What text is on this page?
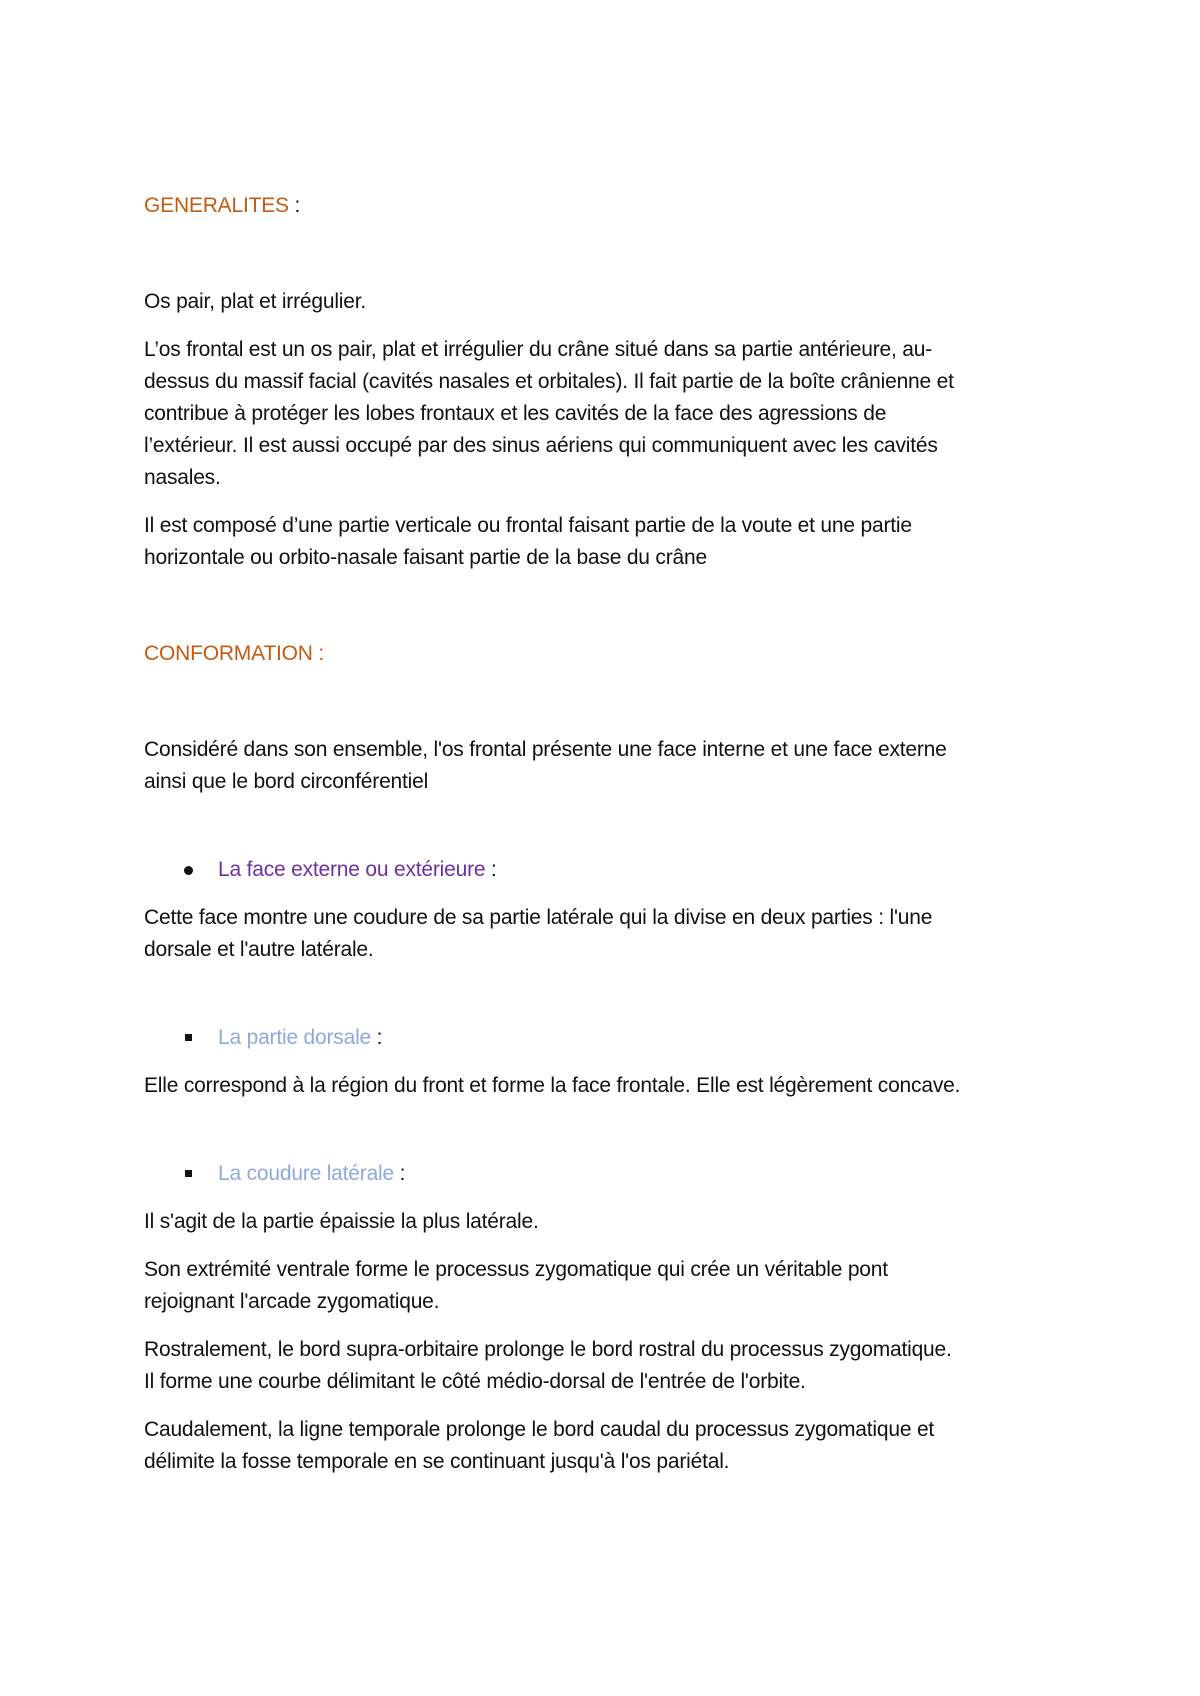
GENERALITES :

Os pair, plat et irrégulier.

L’os frontal est un os pair, plat et irrégulier du crâne situé dans sa partie antérieure, au-
dessus du massif facial (cavités nasales et orbitales). Il fait partie de la boîte crânienne et
contribue à protéger les lobes frontaux et les cavités de la face des agressions de
l’extérieur. Il est aussi occupé par des sinus aériens qui communiquent avec les cavités
nasales.

Il est composé d’une partie verticale ou frontal faisant partie de la voute et une partie
horizontale ou orbito-nasale faisant partie de la base du crâne

CONFORMATION :

Considéré dans son ensemble, l'os frontal présente une face interne et une face externe
ainsi que le bord circonférentiel

La face externe ou extérieure :

Cette face montre une coudure de sa partie latérale qui la divise en deux parties : l'une
dorsale et l'autre latérale.

La partie dorsale :

Elle correspond à la région du front et forme la face frontale. Elle est légèrement concave.

La coudure latérale :

Il s'agit de la partie épaissie la plus latérale.

Son extrémité ventrale forme le processus zygomatique qui crée un véritable pont
rejoignant l'arcade zygomatique.

Rostralement, le bord supra-orbitaire prolonge le bord rostral du processus zygomatique.
Il forme une courbe délimitant le côté médio-dorsal de l'entrée de l'orbite.

Caudalement, la ligne temporale prolonge le bord caudal du processus zygomatique et
délimite la fosse temporale en se continuant jusqu'à l'os pariétal.
